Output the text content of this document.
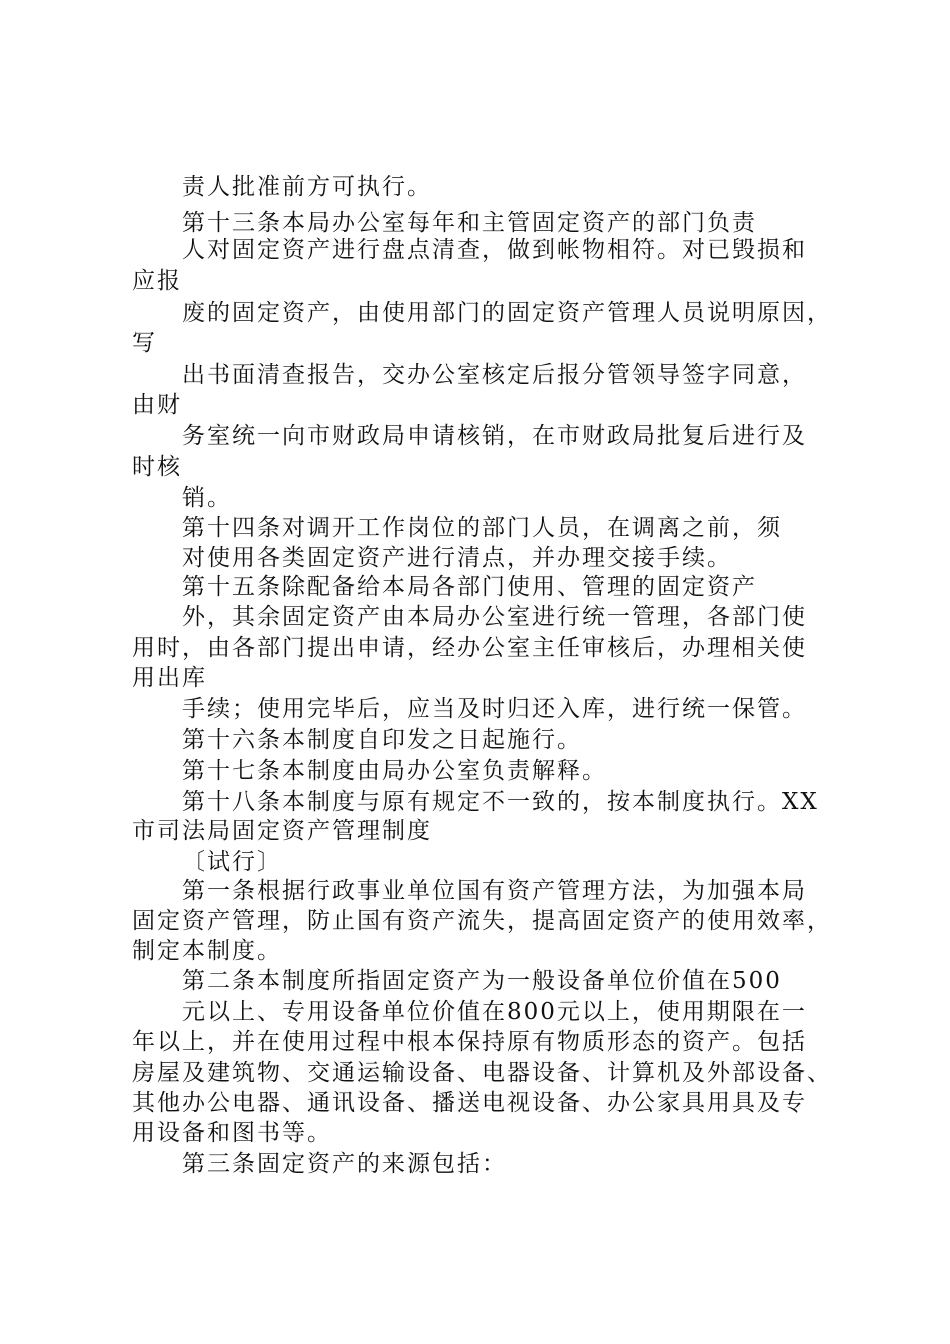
责人批准前方可执行。
第十三条本局办公室每年和主管固定资产的部门负责
人对固定资产进行盘点清查，做到帐物相符。对已毁损和
应报
废的固定资产，由使用部门的固定资产管理人员说明原因，
写
出书面清查报告，交办公室核定后报分管领导签字同意，
由财
务室统一向市财政局申请核销，在市财政局批复后进行及
时核
销。
第十四条对调开工作岗位的部门人员，在调离之前，须
对使用各类固定资产进行清点，并办理交接手续。
第十五条除配备给本局各部门使用、管理的固定资产
外，其余固定资产由本局办公室进行统一管理，各部门使
用时，由各部门提出申请，经办公室主任审核后，办理相关使
用出库
手续；使用完毕后，应当及时归还入库，进行统一保管。
第十六条本制度自印发之日起施行。
第十七条本制度由局办公室负责解释。
第十八条本制度与原有规定不一致的，按本制度执行。XX
市司法局固定资产管理制度
〔试行〕
第一条根据行政事业单位国有资产管理方法，为加强本局
固定资产管理，防止国有资产流失，提高固定资产的使用效率，
制定本制度。
第二条本制度所指固定资产为一般设备单位价值在500
元以上、专用设备单位价值在800元以上，使用期限在一
年以上，并在使用过程中根本保持原有物质形态的资产。包括
房屋及建筑物、交通运输设备、电器设备、计算机及外部设备、
其他办公电器、通讯设备、播送电视设备、办公家具用具及专
用设备和图书等。
第三条固定资产的来源包括：
